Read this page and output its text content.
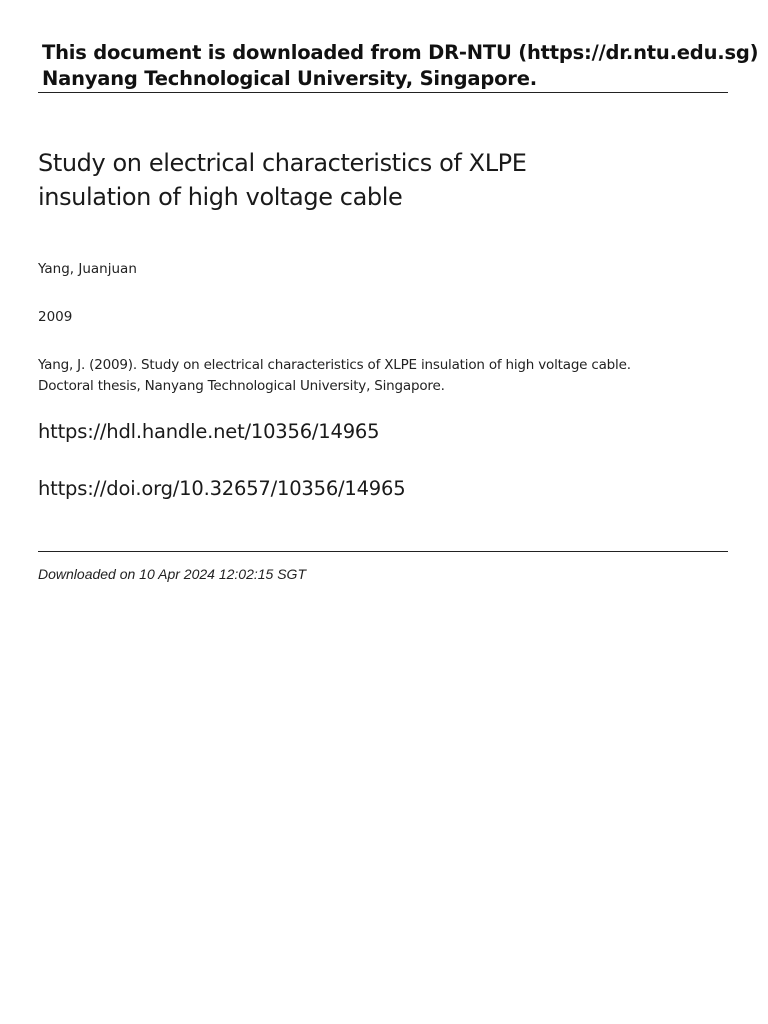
This document is downloaded from DR‑NTU (https://dr.ntu.edu.sg)
Nanyang Technological University, Singapore.
Study on electrical characteristics of XLPE
insulation of high voltage cable
Yang, Juanjuan
2009
Yang, J. (2009). Study on electrical characteristics of XLPE insulation of high voltage cable.
Doctoral thesis, Nanyang Technological University, Singapore.
https://hdl.handle.net/10356/14965
https://doi.org/10.32657/10356/14965
Downloaded on 10 Apr 2024 12:02:15 SGT
